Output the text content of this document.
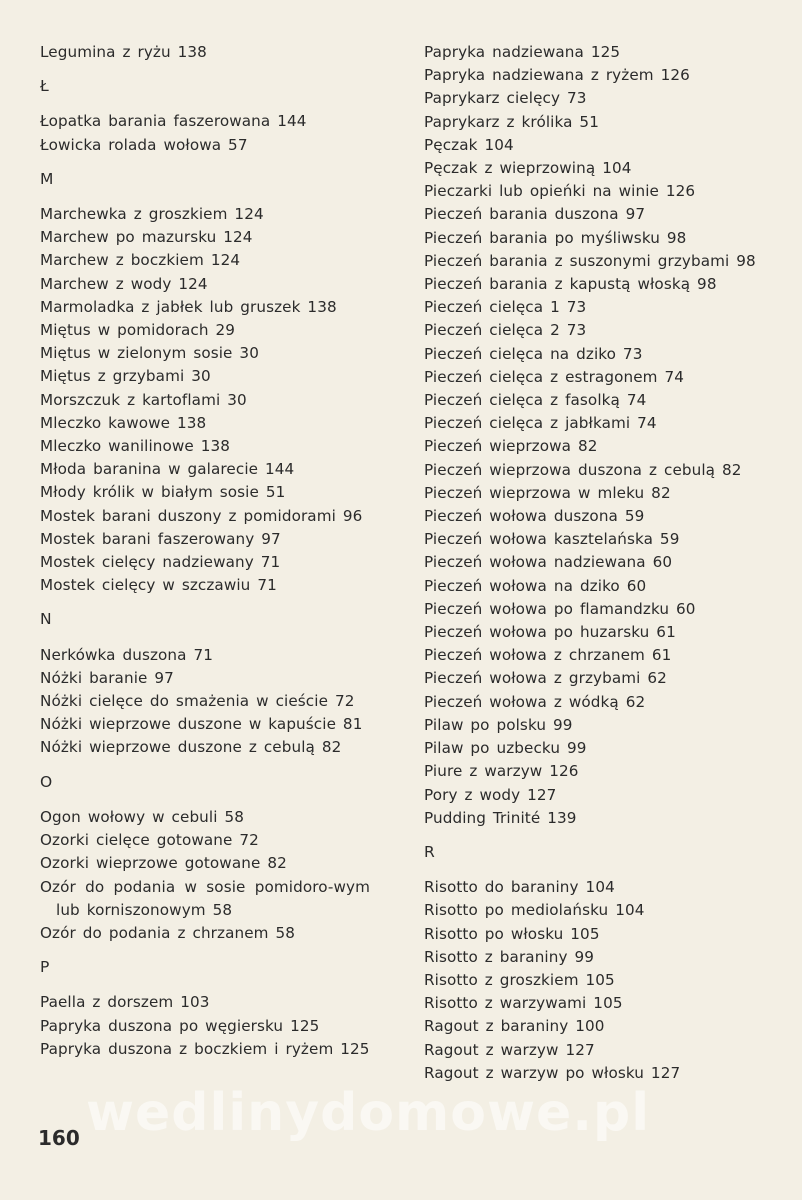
Legumina z ryżu 138
Ł
Łopatka barania faszerowana 144
Łowicka rolada wołowa 57
M
Marchewka z groszkiem 124
Marchew po mazursku 124
Marchew z boczkiem 124
Marchew z wody 124
Marmoladka z jabłek lub gruszek 138
Miętus w pomidorach 29
Miętus w zielonym sosie 30
Miętus z grzybami 30
Morszczuk z kartoflami 30
Mleczko kawowe 138
Mleczko wanilinowe 138
Młoda baranina w galarecie 144
Młody królik w białym sosie 51
Mostek barani duszony z pomidorami 96
Mostek barani faszerowany 97
Mostek cielęcy nadziewany 71
Mostek cielęcy w szczawiu 71
N
Nerkówka duszona 71
Nóżki baranie 97
Nóżki cielęce do smażenia w cieście 72
Nóżki wieprzowe duszone w kapuście 81
Nóżki wieprzowe duszone z cebulą 82
O
Ogon wołowy w cebuli 58
Ozorki cielęce gotowane 72
Ozorki wieprzowe gotowane 82
Ozór do podania w sosie pomidoro-wym lub korniszonowym 58
Ozór do podania z chrzanem 58
P
Paella z dorszem 103
Papryka duszona po węgiersku 125
Papryka duszona z boczkiem i ryżem 125
Papryka nadziewana 125
Papryka nadziewana z ryżem 126
Paprykarz cielęcy 73
Paprykarz z królika 51
Pęczak 104
Pęczak z wieprzowiną 104
Pieczarki lub opieńki na winie 126
Pieczeń barania duszona 97
Pieczeń barania po myśliwsku 98
Pieczeń barania z suszonymi grzybami 98
Pieczeń barania z kapustą włoską 98
Pieczeń cielęca 1 73
Pieczeń cielęca 2 73
Pieczeń cielęca na dziko 73
Pieczeń cielęca z estragonem 74
Pieczeń cielęca z fasolką 74
Pieczeń cielęca z jabłkami 74
Pieczeń wieprzowa 82
Pieczeń wieprzowa duszona z cebulą 82
Pieczeń wieprzowa w mleku 82
Pieczeń wołowa duszona 59
Pieczeń wołowa kasztelańska 59
Pieczeń wołowa nadziewana 60
Pieczeń wołowa na dziko 60
Pieczeń wołowa po flamandzku 60
Pieczeń wołowa po huzarsku 61
Pieczeń wołowa z chrzanem 61
Pieczeń wołowa z grzybami 62
Pieczeń wołowa z wódką 62
Pilaw po polsku 99
Pilaw po uzbecku 99
Piure z warzyw 126
Pory z wody 127
Pudding Trinité 139
R
Risotto do baraniny 104
Risotto po mediolańsku 104
Risotto po włosku 105
Risotto z baraniny 99
Risotto z groszkiem 105
Risotto z warzywami 105
Ragout z baraniny 100
Ragout z warzyw 127
Ragout z warzyw po włosku 127
wedlinydomowe.pl
160
